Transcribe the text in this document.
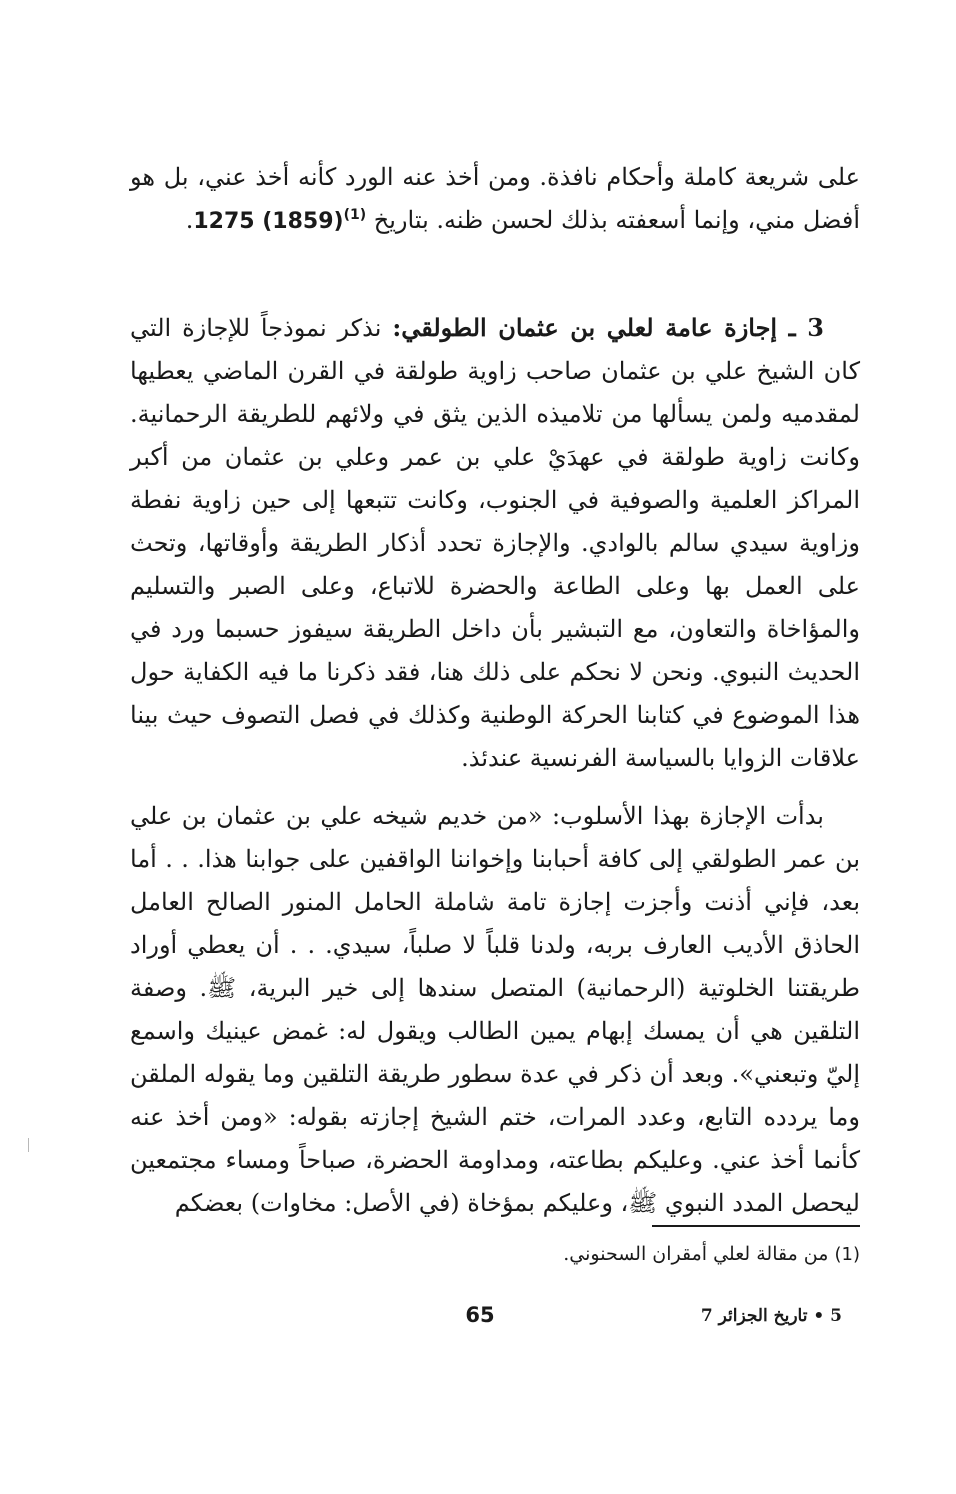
على شريعة كاملة وأحكام نافذة. ومن أخذ عنه الورد كأنه أخذ عني، بل هو أفضل مني، وإنما أسعفته بذلك لحسن ظنه. بتاريخ 1275 $(1859)^{(1)}$.

3 ـ إجازة عامة لعلي بن عثمان الطولقي: نذكر نموذجاً للإجازة التي كان الشيخ علي بن عثمان صاحب زاوية طولقة في القرن الماضي يعطيها لمقدميه ولمن يسألها من تلاميذه الذين يثق في ولائهم للطريقة الرحمانية. وكانت زاوية طولقة في عهدَيْ علي بن عمر وعلي بن عثمان من أكبر المراكز العلمية والصوفية في الجنوب، وكانت تتبعها إلى حين زاوية نفطة وزاوية سيدي سالم بالوادي. والإجازة تحدد أذكار الطريقة وأوقاتها، وتحث على العمل بها وعلى الطاعة والحضرة للاتباع، وعلى الصبر والتسليم والمؤاخاة والتعاون، مع التبشير بأن داخل الطريقة سيفوز حسبما ورد في الحديث النبوي. ونحن لا نحكم على ذلك هنا، فقد ذكرنا ما فيه الكفاية حول هذا الموضوع في كتابنا الحركة الوطنية وكذلك في فصل التصوف حيث بينا علاقات الزوايا بالسياسة الفرنسية عندئذ.

بدأت الإجازة بهذا الأسلوب: «من خديم شيخه علي بن عثمان بن علي بن عمر الطولقي إلى كافة أحبابنا وإخواننا الواقفين على جوابنا هذا. . . أما بعد، فإني أذنت وأجزت إجازة تامة شاملة الحامل المنور الصالح العامل الحاذق الأديب العارف بربه، ولدنا قلباً لا صلباً، سيدي. . . أن يعطي أوراد طريقتنا الخلوتية (الرحمانية) المتصل سندها إلى خير البرية، ﷺ. وصفة التلقين هي أن يمسك إبهام يمين الطالب ويقول له: غمض عينيك واسمع إليّ وتبعني». وبعد أن ذكر في عدة سطور طريقة التلقين وما يقوله الملقن وما يردده التابع، وعدد المرات، ختم الشيخ إجازته بقوله: «ومن أخذ عنه كأنما أخذ عني. وعليكم بطاعته، ومداومة الحضرة، صباحاً ومساء مجتمعين ليحصل المدد النبوي ﷺ، وعليكم بمؤخاة (في الأصل: مخاوات) بعضكم

(1) من مقالة لعلي أمقران السحنوني.

65	5 • تاريخ الجزائر 7
